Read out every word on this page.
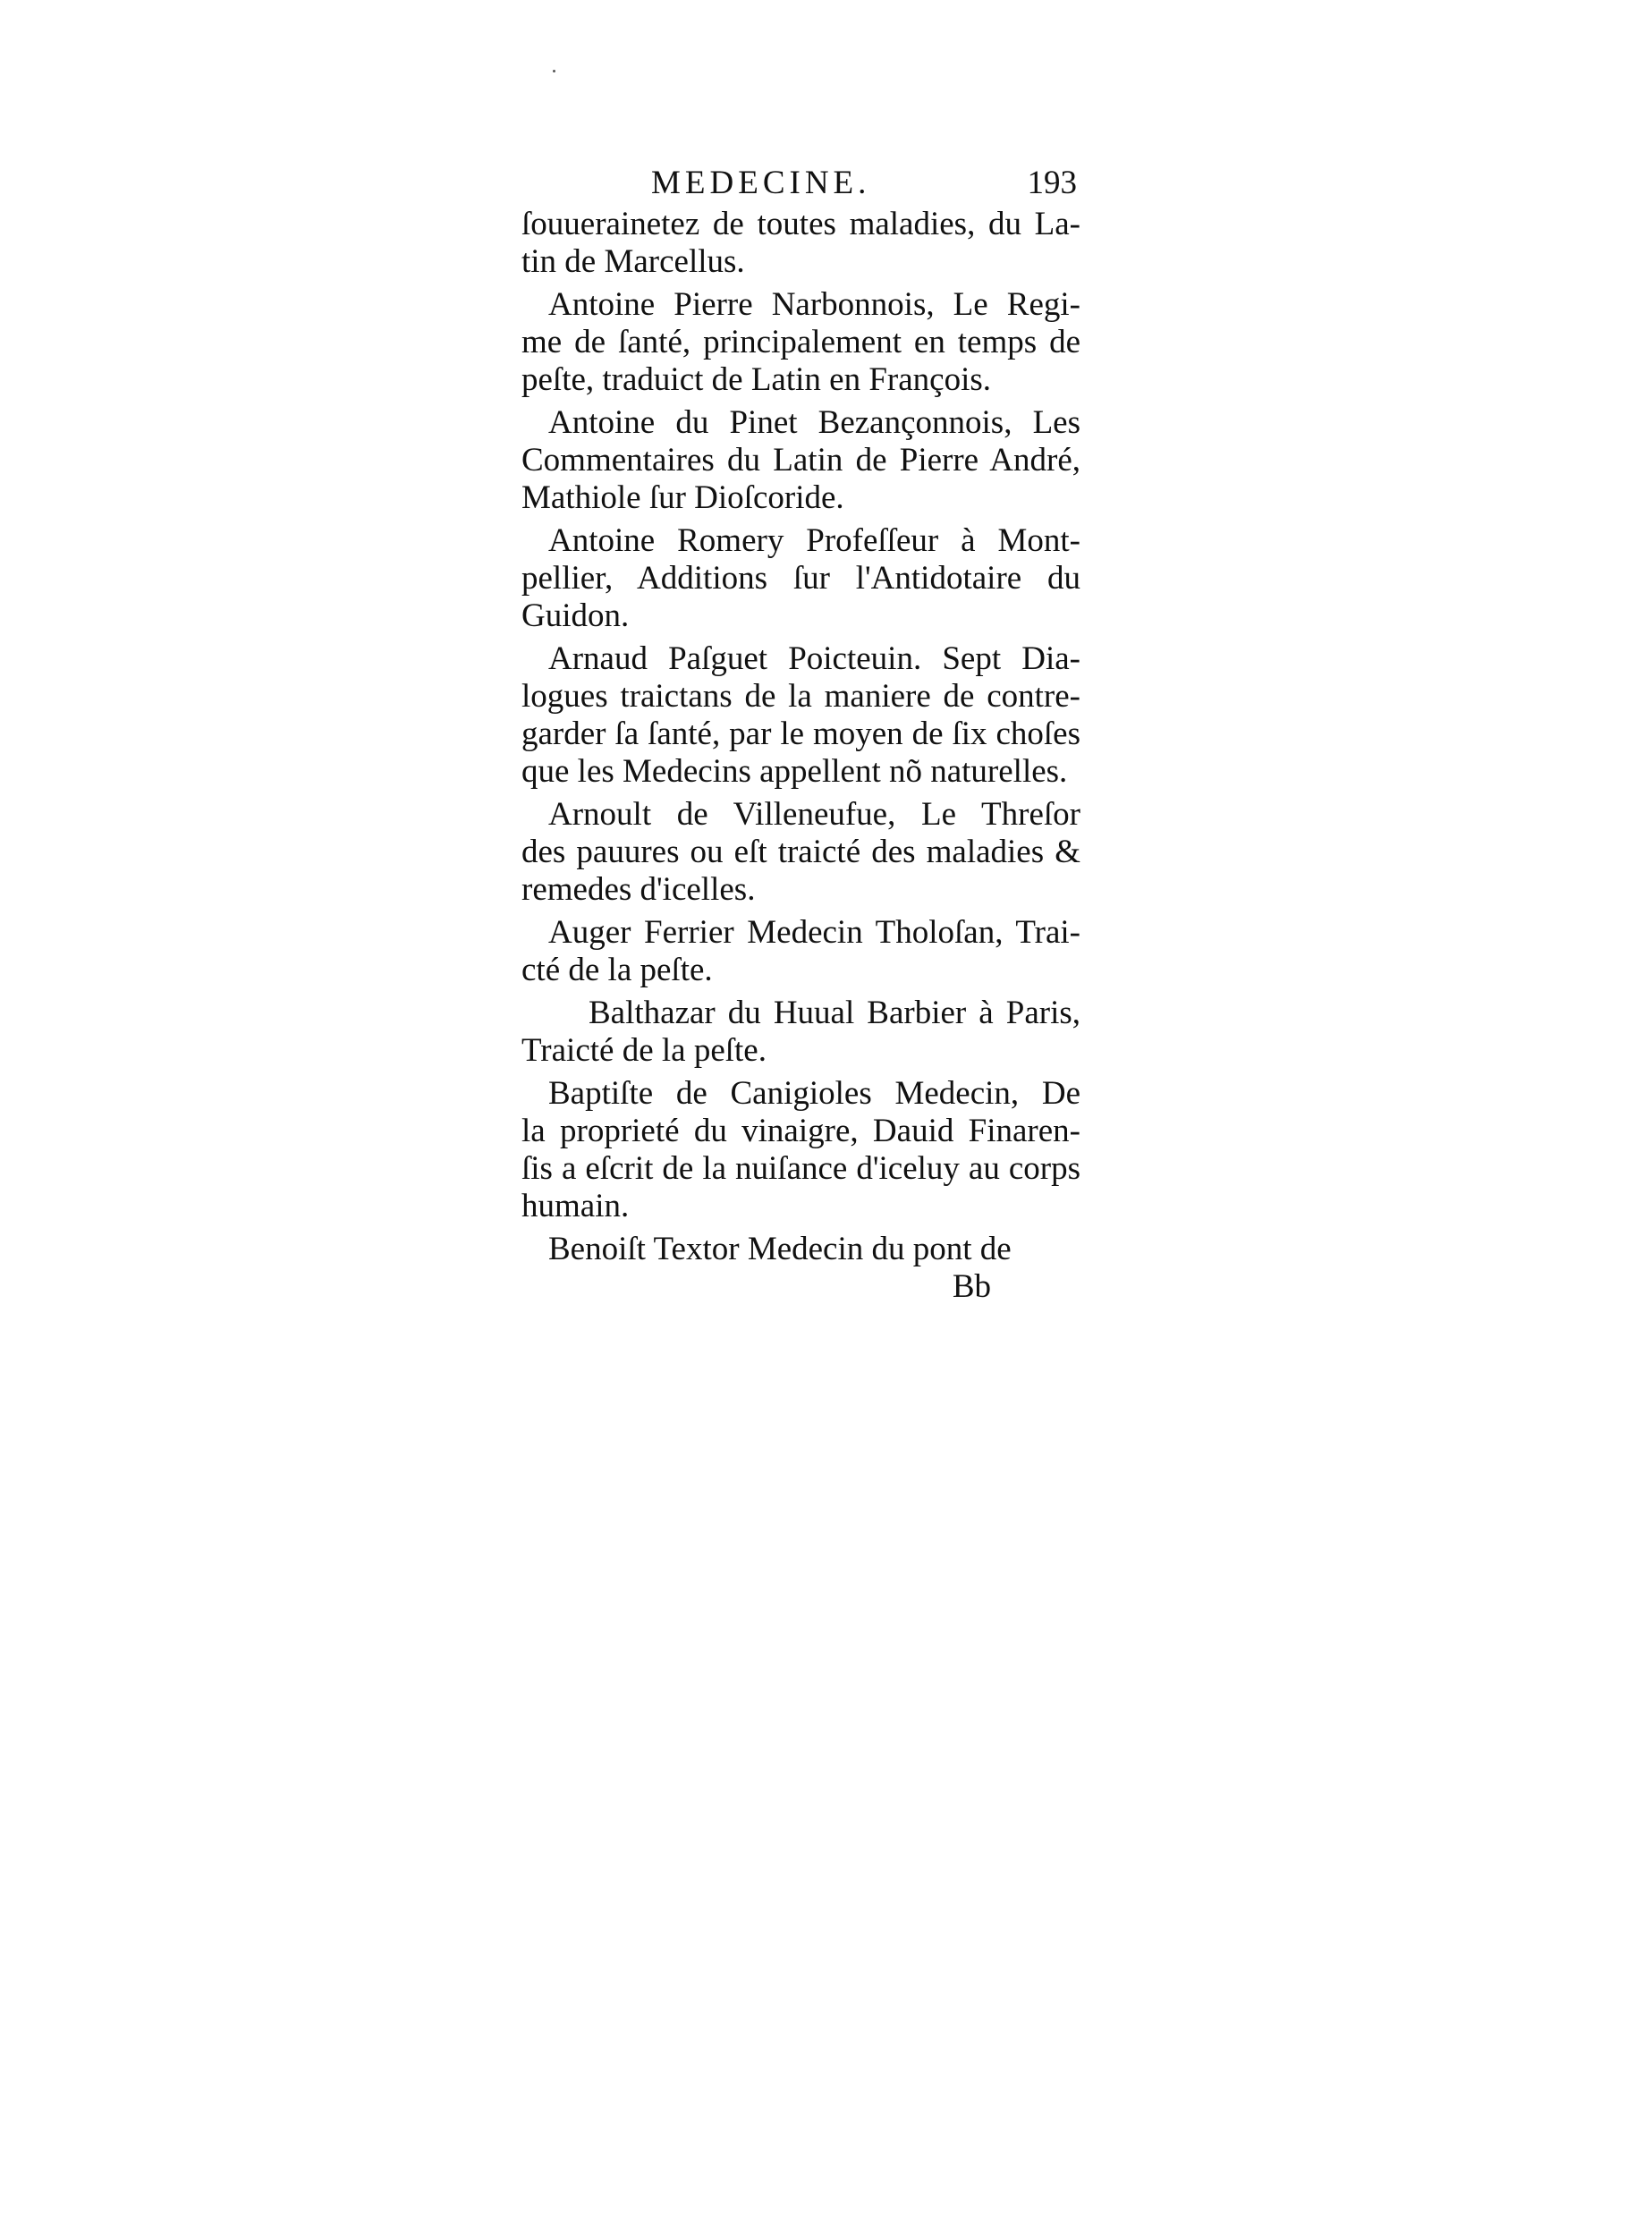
MEDECINE.	193
ſouuerainetez de toutes maladies, du La-
tin de Marcellus.
Antoine Pierre Narbonnois, Le Regi-
me de ſanté, principalement en temps de
peſte, traduict de Latin en François.
Antoine du Pinet Bezançonnois, Les
Commentaires du Latin de Pierre André,
Mathiole ſur Dioſcoride.
Antoine Romery Profeſſeur à Mont-
pellier, Additions ſur l'Antidotaire du
Guidon.
Arnaud Paſguet Poicteuin. Sept Dia-
logues traictans de la maniere de contre-
garder ſa ſanté, par le moyen de ſix choſes
que les Medecins appellent nõ naturelles.
Arnoult de Villeneufue, Le Threſor
des pauures ou eſt traicté des maladies &
remedes d'icelles.
Auger Ferrier Medecin Tholoſan, Trai-
cté de la peſte.
Balthazar du Huual Barbier à Paris,
Traicté de la peſte.
Baptiſte de Canigioles Medecin, De
la proprieté du vinaigre, Dauid Finaren-
ſis a eſcrit de la nuiſance d'iceluy au corps
humain.
Benoiſt Textor Medecin du pont de
Bb
